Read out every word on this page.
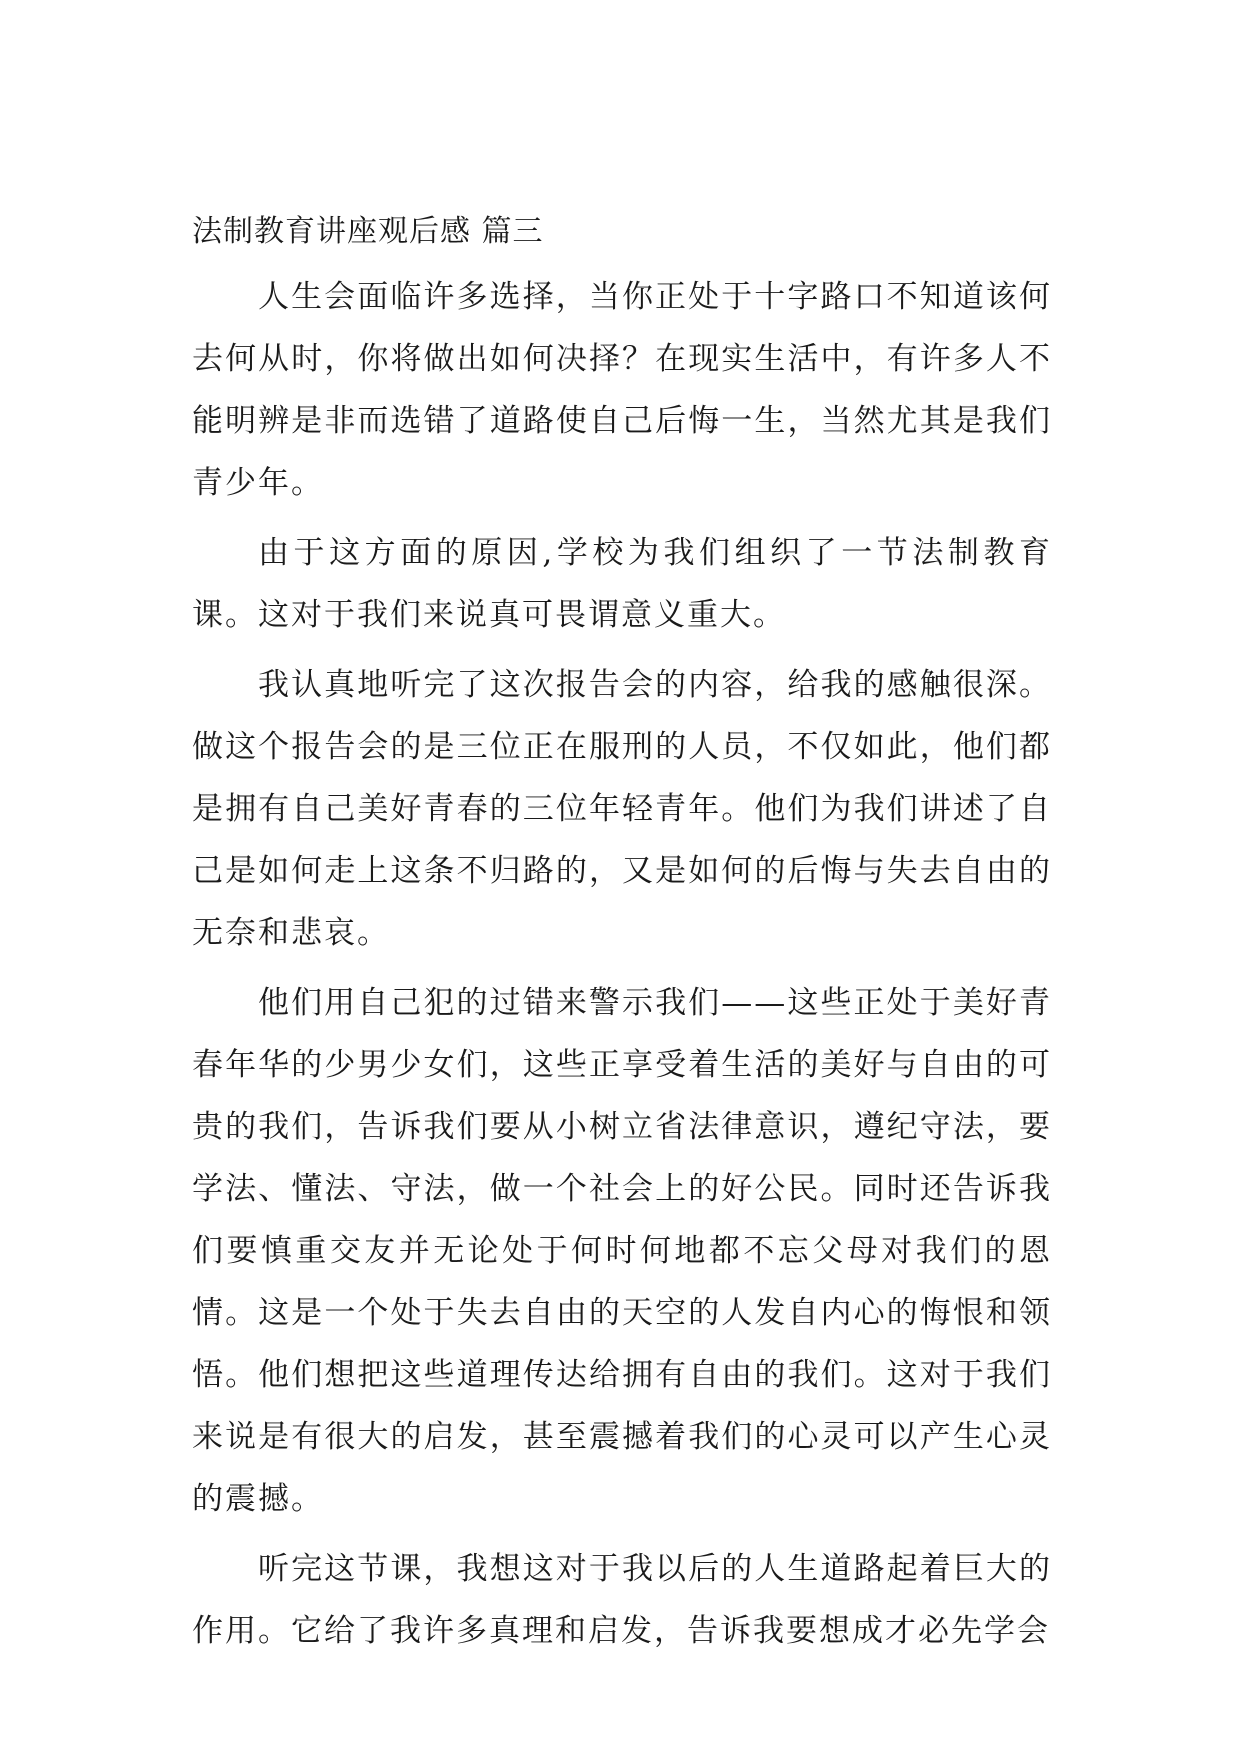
法制教育讲座观后感 篇三

人生会面临许多选择，当你正处于十字路口不知道该何去何从时，你将做出如何决择？在现实生活中，有许多人不能明辨是非而选错了道路使自己后悔一生，当然尤其是我们青少年。

由于这方面的原因,学校为我们组织了一节法制教育课。这对于我们来说真可畏谓意义重大。

我认真地听完了这次报告会的内容，给我的感触很深。做这个报告会的是三位正在服刑的人员，不仅如此，他们都是拥有自己美好青春的三位年轻青年。他们为我们讲述了自己是如何走上这条不归路的，又是如何的后悔与失去自由的无奈和悲哀。

他们用自己犯的过错来警示我们——这些正处于美好青春年华的少男少女们，这些正享受着生活的美好与自由的可贵的我们，告诉我们要从小树立省法律意识，遵纪守法，要学法、懂法、守法，做一个社会上的好公民。同时还告诉我们要慎重交友并无论处于何时何地都不忘父母对我们的恩情。这是一个处于失去自由的天空的人发自内心的悔恨和领悟。他们想把这些道理传达给拥有自由的我们。这对于我们来说是有很大的启发，甚至震撼着我们的心灵可以产生心灵的震撼。

听完这节课，我想这对于我以后的人生道路起着巨大的作用。它给了我许多真理和启发，告诉我要想成才必先学会
